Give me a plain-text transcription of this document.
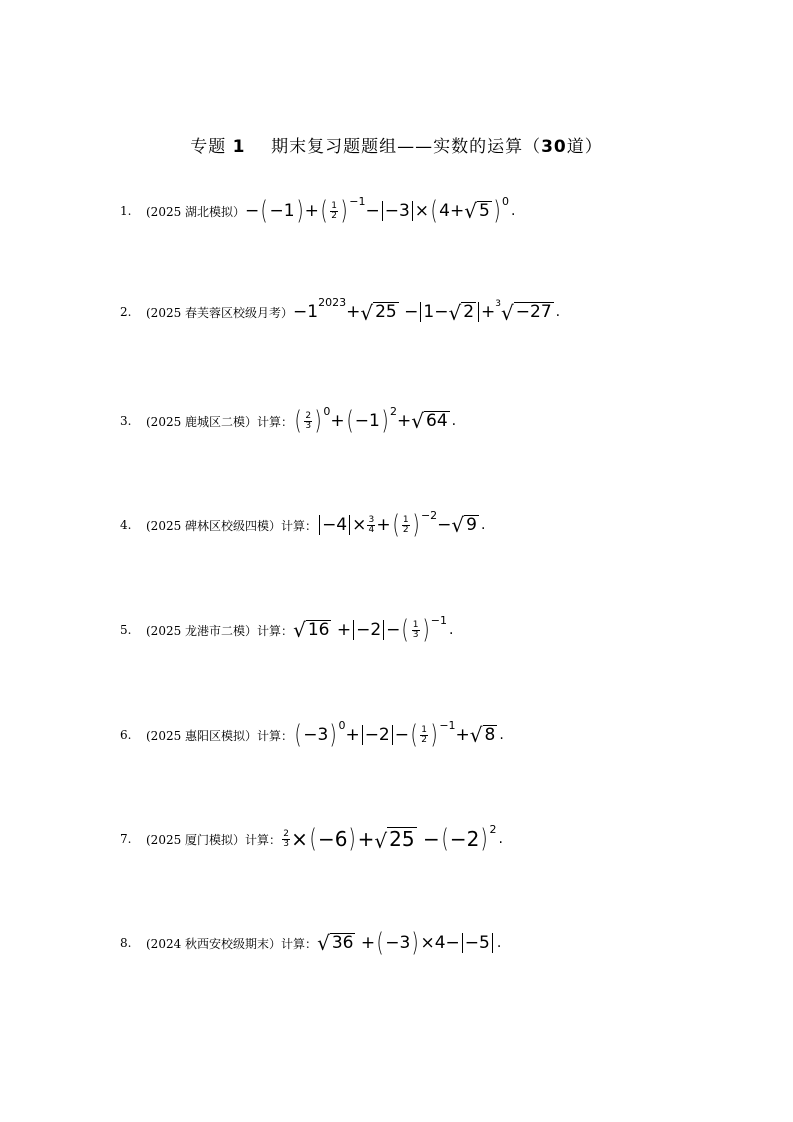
专题 1 期末复习题题组——实数的运算（30道）
1.	(2025 湖北模拟） − ( −1 ) + ( $\frac{1}{2}$ ) −1 − −3 × ( 4+ √ 5 ) 0
.
2.	(2025 春芙蓉区校级月考） −1 2023 + √ 25
− 1− √ 2 + 3 √ −27 .
3.	(2025 鹿城区二模） 计算： ( $\frac{2}{3}$ ) 0 + ( −1 ) 2 + √ 64 .
4.	(2025 碑林区校级四模） 计算： $-4 \times \frac{3}{4}$ + ( $\frac{1}{2}$ ) −2 − √ 9 .
5.	(2025 龙港市二模） 计算： √ 16
+ −2 − ( $\frac{1}{3}$ ) −1
.
6.	(2025 惠阳区模拟） 计算： ( −3 ) 0 + −2 − ( $\frac{1}{2}$ ) −1 + √ 8 .
7.	(2025 厦门模拟） 计算： $\frac{2}{3}$ × ( −6 ) + √ 25
− ( −2 ) 2
.
8.	(2024 秋西安校级期末） 计算： √ 36
+ ( −3 ) ×4− −5 .
